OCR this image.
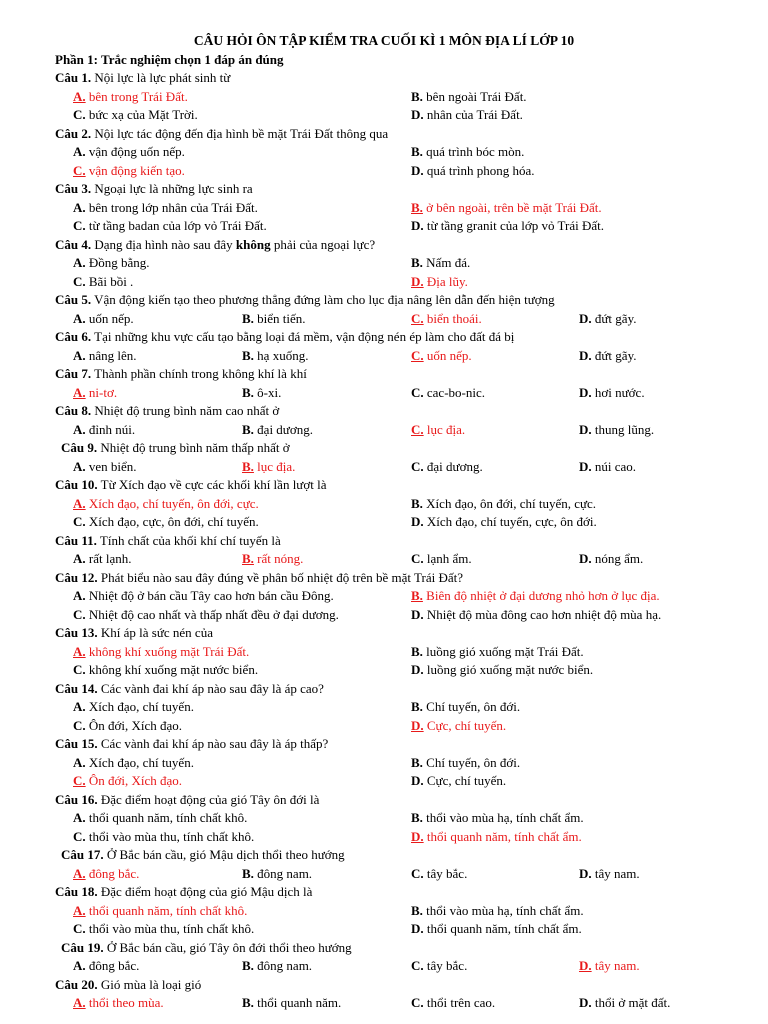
CÂU HỎI ÔN TẬP KIỂM TRA CUỐI KÌ 1 MÔN ĐỊA LÍ LỚP 10
Phần 1: Trắc nghiệm chọn 1 đáp án đúng
Câu 1. Nội lực là lực phát sinh từ
A. bên trong Trái Đất.	B. bên ngoài Trái Đất.
C. bức xạ của Mặt Trời.	D. nhân của Trái Đất.
Câu 2. Nội lực tác động đến địa hình bề mặt Trái Đất thông qua
A. vận động uốn nếp.	B. quá trình bóc mòn.
C. vận động kiến tạo.	D. quá trình phong hóa.
Câu 3. Ngoại lực là những lực sinh ra
A. bên trong lớp nhân của Trái Đất.	B. ở bên ngoài, trên bề mặt Trái Đất.
C. từ tầng badan của lớp vỏ Trái Đất.	D. từ tầng granit của lớp vỏ Trái Đất.
Câu 4. Dạng địa hình nào sau đây không phải của ngoại lực?
A. Đồng bằng.	B. Nấm đá.
C. Bãi bồi .	D. Địa lũy.
Câu 5. Vận động kiến tạo theo phương thẳng đứng làm cho lục địa nâng lên dẫn đến hiện tượng
A. uốn nếp.	B. biển tiến.	C. biển thoái.	D. đứt gãy.
Câu 6. Tại những khu vực cấu tạo bằng loại đá mềm, vận động nén ép làm cho đất đá bị
A. nâng lên.	B. hạ xuống.	C. uốn nếp.	D. đứt gãy.
Câu 7. Thành phần chính trong không khí là khí
A. ni-tơ.	B. ô-xi.	C. cac-bo-nic.	D. hơi nước.
Câu 8. Nhiệt độ trung bình năm cao nhất ở
A. đỉnh núi.	B. đại dương.	C. lục địa.	D. thung lũng.
Câu 9. Nhiệt độ trung bình năm thấp nhất ở
A. ven biển.	B. lục địa.	C. đại dương.	D. núi cao.
Câu 10. Từ Xích đạo về cực các khối khí lần lượt là
A. Xích đạo, chí tuyến, ôn đới, cực.	B. Xích đạo, ôn đới, chí tuyến, cực.
C. Xích đạo, cực, ôn đới, chí tuyến.	D. Xích đạo, chí tuyến, cực, ôn đới.
Câu 11. Tính chất của khối khí chí tuyến là
A. rất lạnh.	B. rất nóng.	C. lạnh ẩm.	D. nóng ẩm.
Câu 12. Phát biểu nào sau đây đúng về phân bố nhiệt độ trên bề mặt Trái Đất?
A. Nhiệt độ ở bán cầu Tây cao hơn bán cầu Đông.	B. Biên độ nhiệt ở đại dương nhỏ hơn ở lục địa.
C. Nhiệt độ cao nhất và thấp nhất đều ở đại dương.	D. Nhiệt độ mùa đông cao hơn nhiệt độ mùa hạ.
Câu 13. Khí áp là sức nén của
A. không khí xuống mặt Trái Đất.	B. luồng gió xuống mặt Trái Đất.
C. không khí xuống mặt nước biển.	D. luồng gió xuống mặt nước biển.
Câu 14. Các vành đai khí áp nào sau đây là áp cao?
A. Xích đạo, chí tuyến.	B. Chí tuyến, ôn đới.
C. Ôn đới, Xích đạo.	D. Cực, chí tuyến.
Câu 15. Các vành đai khí áp nào sau đây là áp thấp?
A. Xích đạo, chí tuyến.	B. Chí tuyến, ôn đới.
C. Ôn đới, Xích đạo.	D. Cực, chí tuyến.
Câu 16. Đặc điểm hoạt động của gió Tây ôn đới là
A. thổi quanh năm, tính chất khô.	B. thổi vào mùa hạ, tính chất ẩm.
C. thổi vào mùa thu, tính chất khô.	D. thổi quanh năm, tính chất ẩm.
Câu 17. Ở Bắc bán cầu, gió Mậu dịch thổi theo hướng
A. đông bắc.	B. đông nam.	C. tây bắc.	D. tây nam.
Câu 18. Đặc điểm hoạt động của gió Mậu dịch là
A. thổi quanh năm, tính chất khô.	B. thổi vào mùa hạ, tính chất ẩm.
C. thổi vào mùa thu, tính chất khô.	D. thổi quanh năm, tính chất ẩm.
Câu 19. Ở Bắc bán cầu, gió Tây ôn đới thổi theo hướng
A. đông bắc.	B. đông nam.	C. tây bắc.	D. tây nam.
Câu 20. Gió mùa là loại gió
A. thổi theo mùa.	B. thổi quanh năm.	C. thổi trên cao.	D. thổi ở mặt đất.
